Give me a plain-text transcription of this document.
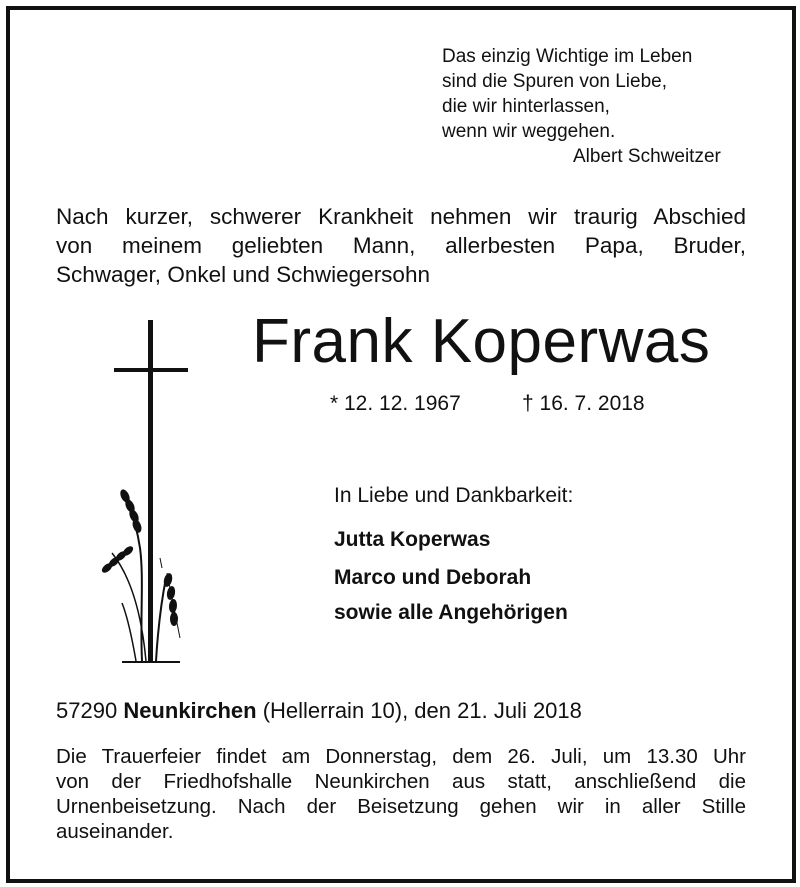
Das einzig Wichtige im Leben
sind die Spuren von Liebe,
die wir hinterlassen,
wenn wir weggehen.
Albert Schweitzer
Nach kurzer, schwerer Krankheit nehmen wir traurig Abschied
von meinem geliebten Mann, allerbesten Papa, Bruder,
Schwager, Onkel und Schwiegersohn
Frank Koperwas
* 12. 12. 1967	† 16. 7. 2018
In Liebe und Dankbarkeit:
Jutta Koperwas
Marco und Deborah
sowie alle Angehörigen
57290 Neunkirchen (Hellerrain 10), den 21. Juli 2018
Die Trauerfeier findet am Donnerstag, dem 26. Juli, um 13.30 Uhr
von der Friedhofshalle Neunkirchen aus statt, anschließend die
Urnenbeisetzung. Nach der Beisetzung gehen wir in aller Stille
auseinander.
